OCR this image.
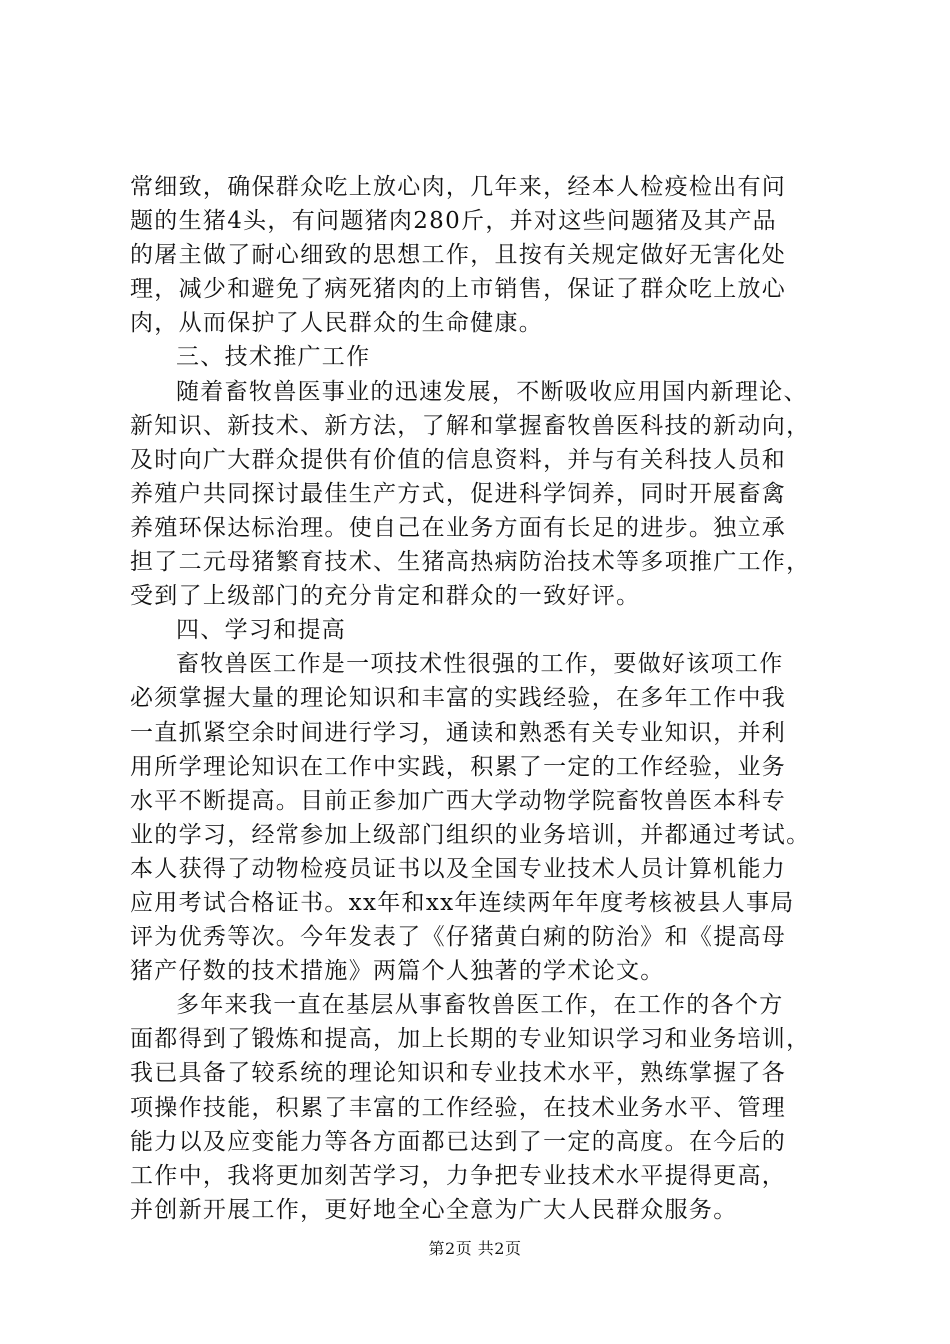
常细致，确保群众吃上放心肉，几年来，经本人检疫检出有问
题的生猪4头，有问题猪肉280斤，并对这些问题猪及其产品
的屠主做了耐心细致的思想工作，且按有关规定做好无害化处
理，减少和避免了病死猪肉的上市销售，保证了群众吃上放心
肉，从而保护了人民群众的生命健康。
三、技术推广工作
随着畜牧兽医事业的迅速发展，不断吸收应用国内新理论、
新知识、新技术、新方法，了解和掌握畜牧兽医科技的新动向，
及时向广大群众提供有价值的信息资料，并与有关科技人员和
养殖户共同探讨最佳生产方式，促进科学饲养，同时开展畜禽
养殖环保达标治理。使自己在业务方面有长足的进步。独立承
担了二元母猪繁育技术、生猪高热病防治技术等多项推广工作，
受到了上级部门的充分肯定和群众的一致好评。
四、学习和提高
畜牧兽医工作是一项技术性很强的工作，要做好该项工作
必须掌握大量的理论知识和丰富的实践经验，在多年工作中我
一直抓紧空余时间进行学习，通读和熟悉有关专业知识，并利
用所学理论知识在工作中实践，积累了一定的工作经验，业务
水平不断提高。目前正参加广西大学动物学院畜牧兽医本科专
业的学习，经常参加上级部门组织的业务培训，并都通过考试。
本人获得了动物检疫员证书以及全国专业技术人员计算机能力
应用考试合格证书。xx年和xx年连续两年年度考核被县人事局
评为优秀等次。今年发表了《仔猪黄白痢的防治》和《提高母
猪产仔数的技术措施》两篇个人独著的学术论文。
多年来我一直在基层从事畜牧兽医工作，在工作的各个方
面都得到了锻炼和提高，加上长期的专业知识学习和业务培训，
我已具备了较系统的理论知识和专业技术水平，熟练掌握了各
项操作技能，积累了丰富的工作经验，在技术业务水平、管理
能力以及应变能力等各方面都已达到了一定的高度。在今后的
工作中，我将更加刻苦学习，力争把专业技术水平提得更高，
并创新开展工作，更好地全心全意为广大人民群众服务。
第2页 共2页
